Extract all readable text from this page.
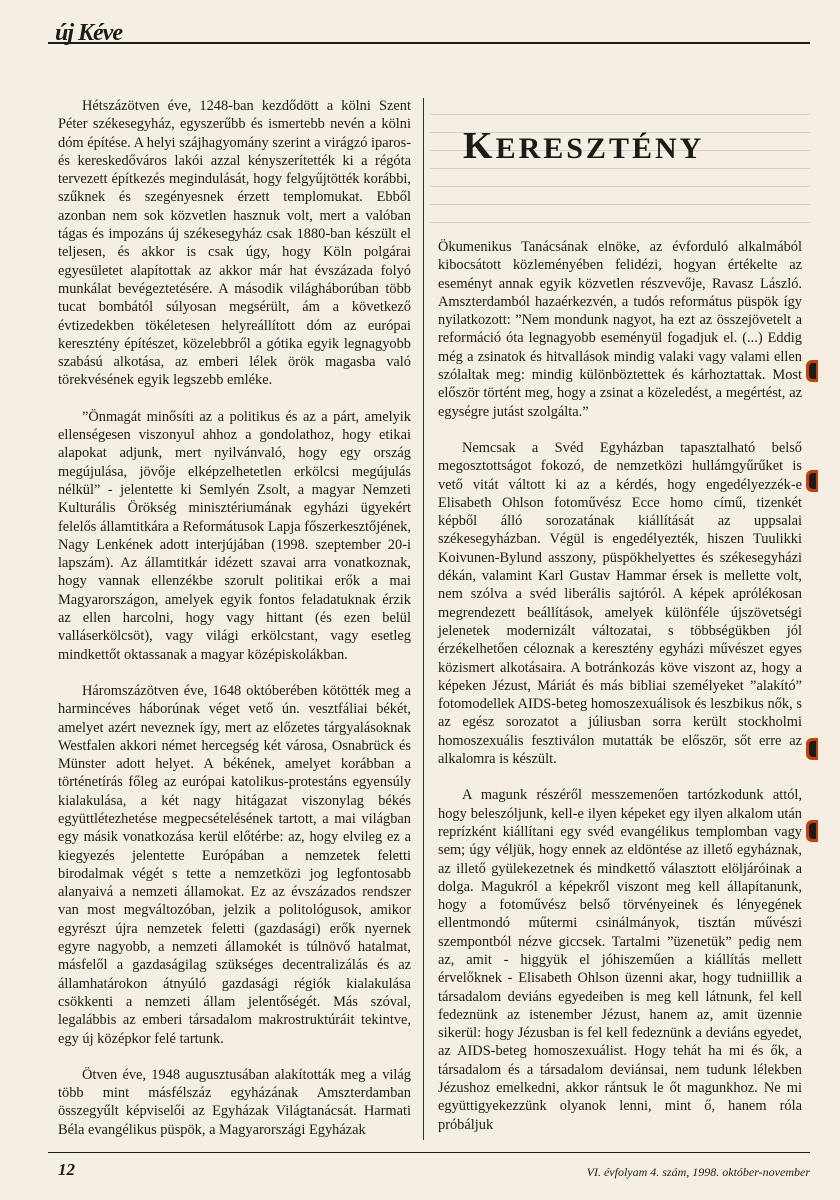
új Kéve

Hétszázötven éve, 1248-ban kezdődött a kölni Szent Péter székesegyház, egyszerűbb és ismertebb nevén a kölni dóm építése. A helyi szájhagyomány szerint a virágzó iparos- és kereskedőváros lakói azzal kényszerítették ki a régóta tervezett építkezés megindulását, hogy felgyűjtötték korábbi, szűknek és szegényesnek érzett templomukat. Ebből azonban nem sok közvetlen hasznuk volt, mert a valóban tágas és impozáns új székesegyház csak 1880-ban készült el teljesen, és akkor is csak úgy, hogy Köln polgárai egyesületet alapítottak az akkor már hat évszázada folyó munkálat bevégeztetésére. A második világháborúban több tucat bombától súlyosan megsérült, ám a következő évtizedekben tökéletesen helyreállított dóm az európai keresztény építészet, közelebbről a gótika egyik legnagyobb szabású alkotása, az emberi lélek örök magasba való törekvésének egyik legszebb emléke.

”Önmagát minősíti az a politikus és az a párt, amelyik ellenségesen viszonyul ahhoz a gondolathoz, hogy etikai alapokat adjunk, mert nyilvánvaló, hogy egy ország megújulása, jövője elképzelhetetlen erkölcsi megújulás nélkül” - jelentette ki Semlyén Zsolt, a magyar Nemzeti Kulturális Örökség minisztériumának egyházi ügyekért felelős államtitkára a Reformátusok Lapja főszerkesztőjének, Nagy Lenkének adott interjújában (1998. szeptember 20-i lapszám). Az államtitkár idézett szavai arra vonatkoznak, hogy vannak ellenzékbe szorult politikai erők a mai Magyarországon, amelyek egyik fontos feladatuknak érzik az ellen harcolni, hogy vagy hittant (és ezen belül valláserkölcsöt), vagy világi erkölcstant, vagy esetleg mindkettőt oktassanak a magyar középiskolákban.

Háromszázötven éve, 1648 októberében kötötték meg a harmincéves háborúnak véget vető ún. vesztfáliai békét, amelyet azért neveznek így, mert az előzetes tárgyalásoknak Westfalen akkori német hercegség két városa, Osnabrück és Münster adott helyet. A békének, amelyet korábban a történetírás főleg az európai katolikus-protestáns egyensúly kialakulása, a két nagy hitágazat viszonylag békés együttlétezhetése megpecsételésének tartott, a mai világban egy másik vonatkozása kerül előtérbe: az, hogy elvileg ez a kiegyezés jelentette Európában a nemzetek feletti birodalmak végét s tette a nemzetközi jog legfontosabb alanyaivá a nemzeti államokat. Ez az évszázados rendszer van most megváltozóban, jelzik a politológusok, amikor egyrészt újra nemzetek feletti (gazdasági) erők nyernek egyre nagyobb, a nemzeti államokét is túlnövő hatalmat, másfelől a gazdaságilag szükséges decentralizálás és az államhatárokon átnyúló gazdasági régiók kialakulása csökkenti a nemzeti állam jelentőségét. Más szóval, legalábbis az emberi társadalom makrostruktúráit tekintve, egy új középkor felé tartunk.

Ötven éve, 1948 augusztusában alakították meg a világ több mint másfélszáz egyházának Amszterdamban összegyűlt képviselői az Egyházak Világtanácsát. Harmati Béla evangélikus püspök, a Magyarországi Egyházak

KERESZTÉNY

Ökumenikus Tanácsának elnöke, az évforduló alkalmából kibocsátott közleményében felidézi, hogyan értékelte az eseményt annak egyik közvetlen részvevője, Ravasz László. Amszterdamból hazaérkezvén, a tudós református püspök így nyilatkozott: ”Nem mondunk nagyot, ha ezt az összejövetelt a reformáció óta legnagyobb eseményül fogadjuk el. (...) Eddig még a zsinatok és hitvallások mindig valaki vagy valami ellen szólaltak meg: mindig különböztettek és kárhoztattak. Most először történt meg, hogy a zsinat a közeledést, a megértést, az egységre jutást szolgálta.”

Nemcsak a Svéd Egyházban tapasztalható belső megosztottságot fokozó, de nemzetközi hullámgyűrűket is vető vitát váltott ki az a kérdés, hogy engedélyezzék-e Elisabeth Ohlson fotoművész Ecce homo című, tizenkét képből álló sorozatának kiállítását az uppsalai székesegyházban. Végül is engedélyezték, hiszen Tuulikki Koivunen-Bylund asszony, püspökhelyettes és székesegyházi dékán, valamint Karl Gustav Hammar érsek is mellette volt, nem szólva a svéd liberális sajtóról. A képek aprólékosan megrendezett beállítások, amelyek különféle újszövetségi jelenetek modernizált változatai, s többségükben jól érzékelhetően céloznak a keresztény egyházi művészet egyes közismert alkotásaira. A botránkozás köve viszont az, hogy a képeken Jézust, Máriát és más bibliai személyeket ”alakító” fotomodellek AIDS-beteg homoszexuálisok és leszbikus nők, s az egész sorozatot a júliusban sorra került stockholmi homoszexuális fesztiválon mutatták be először, sőt erre az alkalomra is készült.

A magunk részéről messzemenően tartózkodunk attól, hogy beleszóljunk, kell-e ilyen képeket egy ilyen alkalom után reprízként kiállítani egy svéd evangélikus templomban vagy sem; úgy véljük, hogy ennek az eldöntése az illető egyháznak, az illető gyülekezetnek és mindkettő választott elöljáróinak a dolga. Magukról a képekről viszont meg kell állapítanunk, hogy a fotoművész belső törvényeinek és lényegének ellentmondó műtermi csinálmányok, tisztán művészi szempontból nézve giccsek. Tartalmi ”üzenetük” pedig nem az, amit - higgyük el jóhiszeműen a kiállítás mellett érvelőknek - Elisabeth Ohlson üzenni akar, hogy tudniillik a társadalom deviáns egyedeiben is meg kell látnunk, fel kell fedeznünk az istenember Jézust, hanem az, amit üzennie sikerül: hogy Jézusban is fel kell fedeznünk a deviáns egyedet, az AIDS-beteg homoszexuálist. Hogy tehát ha mi és ők, a társadalom és a társadalom deviánsai, nem tudunk lélekben Jézushoz emelkedni, akkor rántsuk le őt magunkhoz. Ne mi együttigyekezzünk olyanok lenni, mint ő, hanem róla próbáljuk

12	VI. évfolyam 4. szám, 1998. október-november
